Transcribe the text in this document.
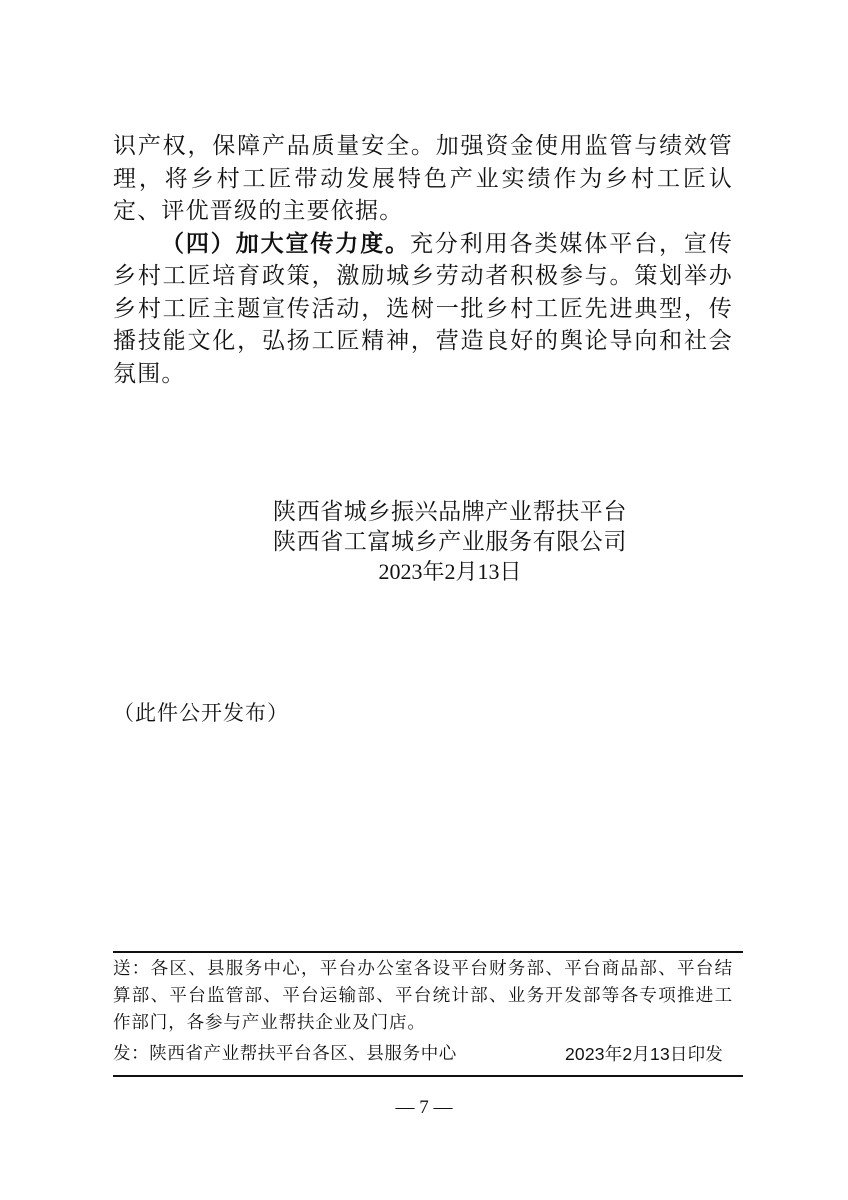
识产权，保障产品质量安全。加强资金使用监管与绩效管理，将乡村工匠带动发展特色产业实绩作为乡村工匠认定、评优晋级的主要依据。

（四）加大宣传力度。充分利用各类媒体平台，宣传乡村工匠培育政策，激励城乡劳动者积极参与。策划举办乡村工匠主题宣传活动，选树一批乡村工匠先进典型，传播技能文化，弘扬工匠精神，营造良好的舆论导向和社会氛围。

陕西省城乡振兴品牌产业帮扶平台
陕西省工富城乡产业服务有限公司
2023年2月13日
（此件公开发布）

送：各区、县服务中心，平台办公室各设平台财务部、平台商品部、平台结算部、平台监管部、平台运输部、平台统计部、业务开发部等各专项推进工作部门，各参与产业帮扶企业及门店。

发：陕西省产业帮扶平台各区、县服务中心	2023年2月13日印发
— 7 —
